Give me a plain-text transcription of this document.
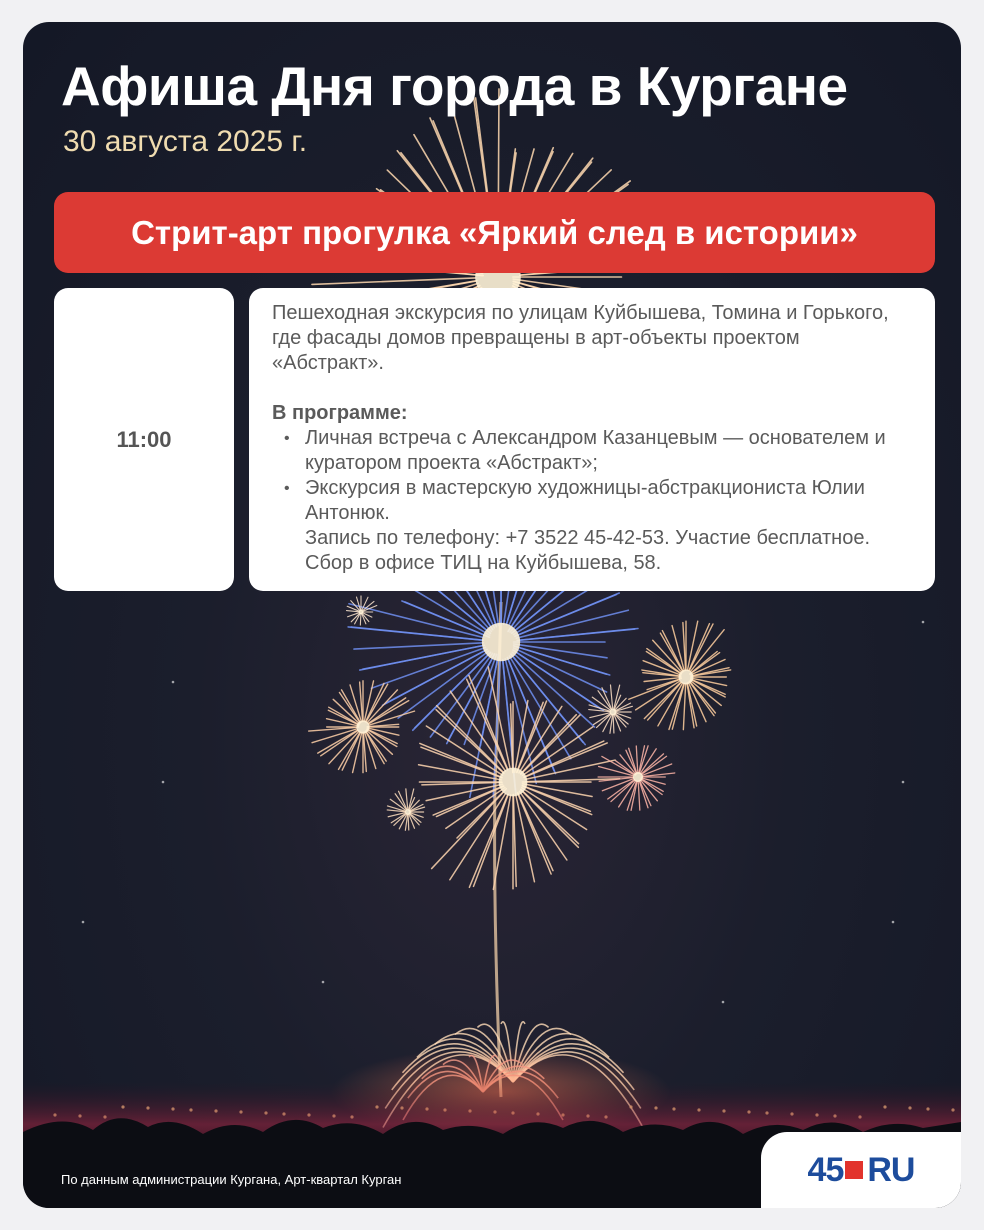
Афиша Дня города в Кургане
30 августа 2025 г.
Стрит-арт прогулка «Яркий след в истории»
11:00

Пешеходная экскурсия по улицам Куйбышева, Томина и Горького, где фасады домов превращены в арт-объекты проектом «Абстракт».

В программе:

• Личная встреча с Александром Казанцевым — основателем и куратором проекта «Абстракт»;
• Экскурсия в мастерскую художницы-абстракциониста Юлии Антонюк.
Запись по телефону: +7 3522 45-42-53. Участие бесплатное. Сбор в офисе ТИЦ на Куйбышева, 58.
По данным администрации Кургана, Арт-квартал Курган	45 RU
